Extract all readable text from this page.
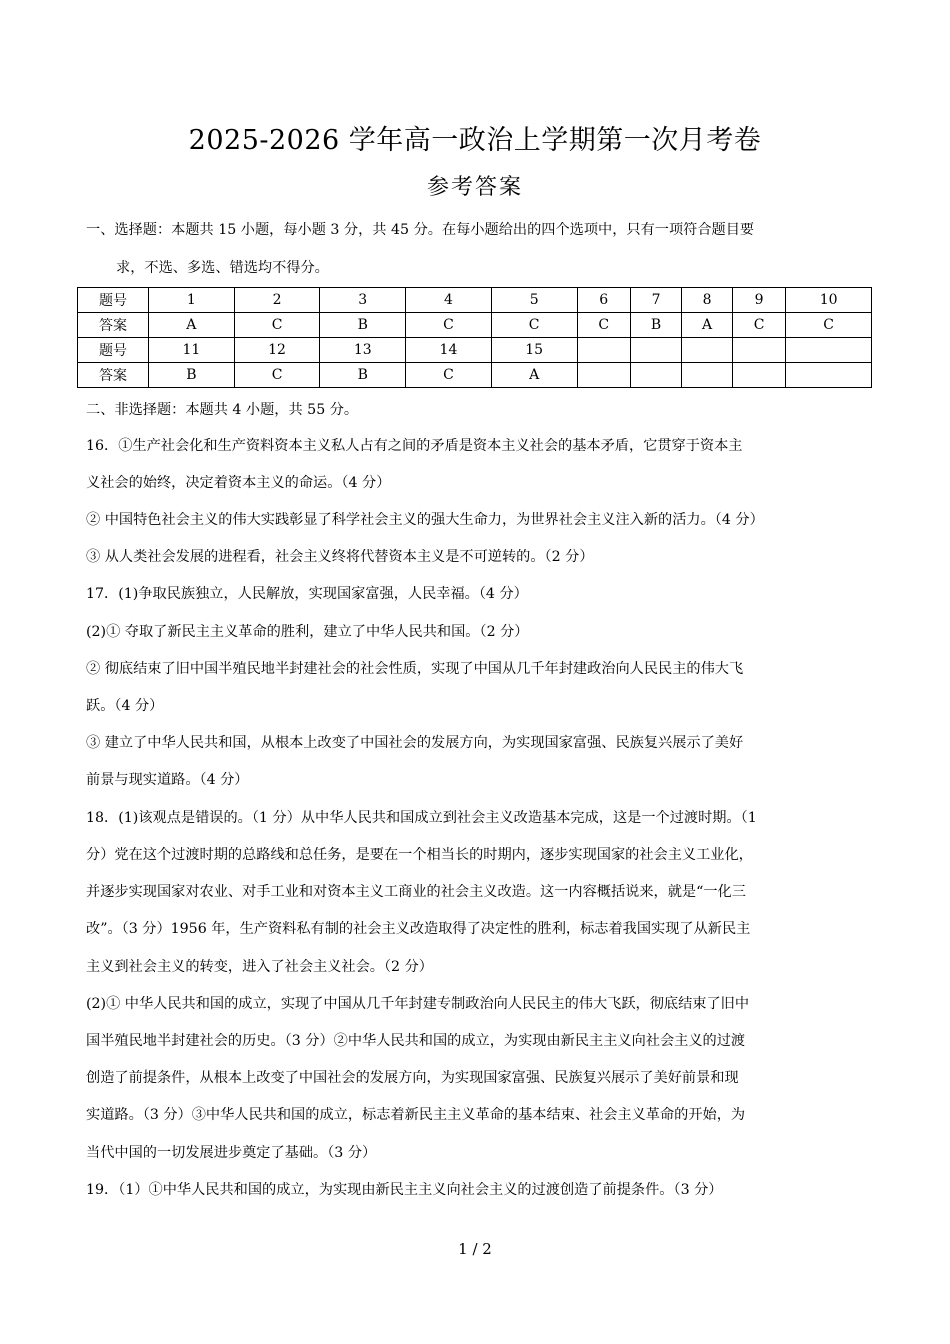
2025-2026 学年高一政治上学期第一次月考卷
参考答案
一、选择题：本题共 15 小题，每小题 3 分，共 45 分。在每小题给出的四个选项中，只有一项符合题目要
求，不选、多选、错选均不得分。
题号	1	2	3	4	5	6	7	8	9	10
答案	A	C	B	C	C	C	B	A	C	C
题号	11	12	13	14	15					
答案	B	C	B	C	A					
二、非选择题：本题共 4 小题，共 55 分。
16．①生产社会化和生产资料资本主义私人占有之间的矛盾是资本主义社会的基本矛盾，它贯穿于资本主
义社会的始终，决定着资本主义的命运。（4 分）
② 中国特色社会主义的伟大实践彰显了科学社会主义的强大生命力，为世界社会主义注入新的活力。（4 分）
③ 从人类社会发展的进程看，社会主义终将代替资本主义是不可逆转的。（2 分）
17．(1)争取民族独立，人民解放，实现国家富强，人民幸福。（4 分）
(2)① 夺取了新民主主义革命的胜利，建立了中华人民共和国。（2 分）
② 彻底结束了旧中国半殖民地半封建社会的社会性质，实现了中国从几千年封建政治向人民民主的伟大飞
跃。（4 分）
③ 建立了中华人民共和国，从根本上改变了中国社会的发展方向，为实现国家富强、民族复兴展示了美好
前景与现实道路。（4 分）
18．(1)该观点是错误的。（1 分）从中华人民共和国成立到社会主义改造基本完成，这是一个过渡时期。（1
分）党在这个过渡时期的总路线和总任务，是要在一个相当长的时期内，逐步实现国家的社会主义工业化，
并逐步实现国家对农业、对手工业和对资本主义工商业的社会主义改造。这一内容概括说来，就是“一化三
改”。（3 分）1956 年，生产资料私有制的社会主义改造取得了决定性的胜利，标志着我国实现了从新民主
主义到社会主义的转变，进入了社会主义社会。（2 分）
(2)① 中华人民共和国的成立，实现了中国从几千年封建专制政治向人民民主的伟大飞跃，彻底结束了旧中
国半殖民地半封建社会的历史。（3 分）②中华人民共和国的成立，为实现由新民主主义向社会主义的过渡
创造了前提条件，从根本上改变了中国社会的发展方向，为实现国家富强、民族复兴展示了美好前景和现
实道路。（3 分）③中华人民共和国的成立，标志着新民主主义革命的基本结束、社会主义革命的开始，为
当代中国的一切发展进步奠定了基础。（3 分）
19．（1）①中华人民共和国的成立，为实现由新民主主义向社会主义的过渡创造了前提条件。（3 分）
1 / 2
